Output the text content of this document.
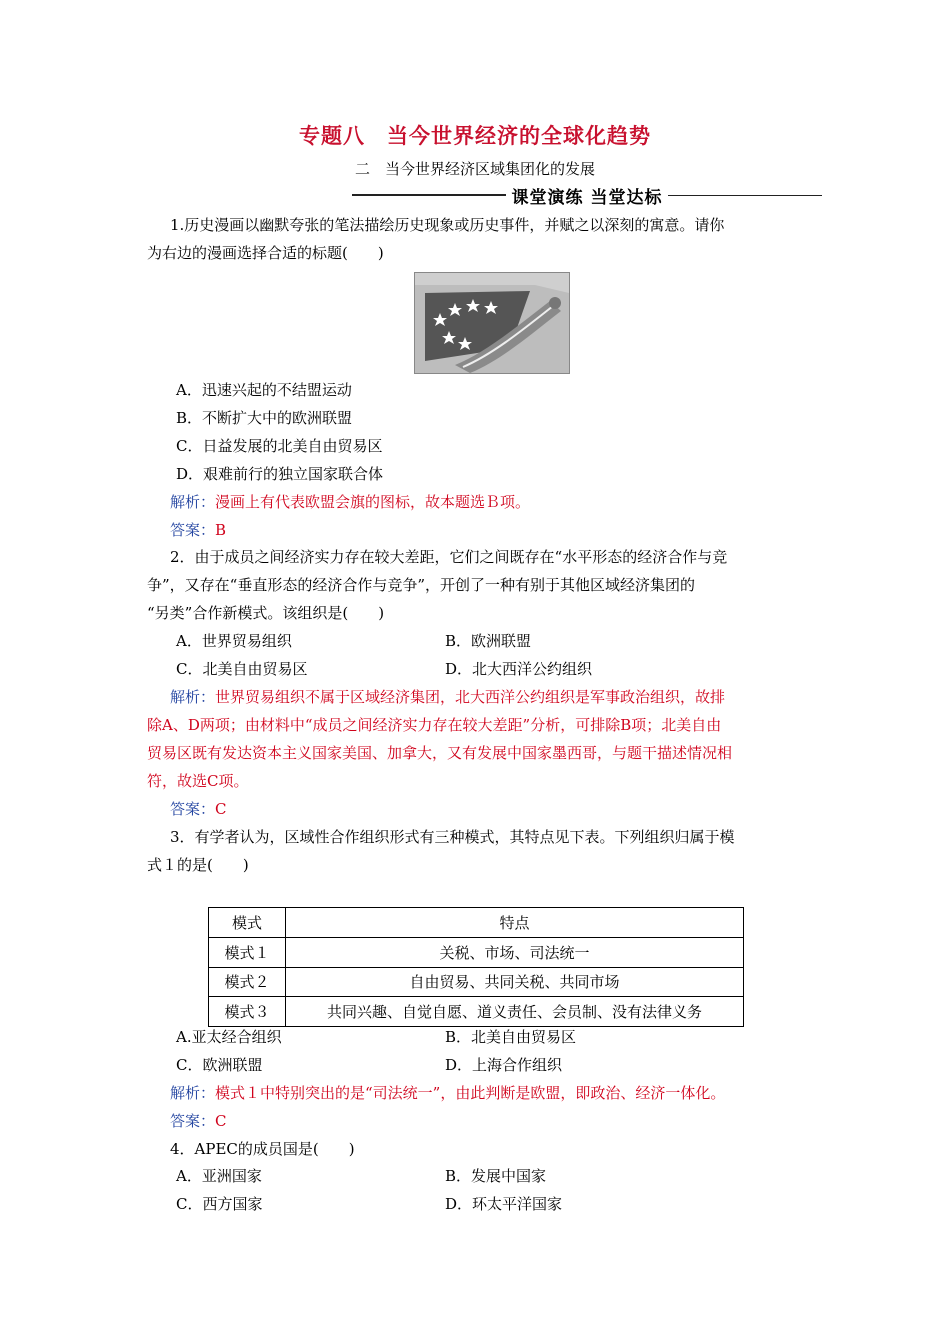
专题八　当今世界经济的全球化趋势
二　当今世界经济区域集团化的发展
课堂演练 当堂达标
1.历史漫画以幽默夸张的笔法描绘历史现象或历史事件，并赋之以深刻的寓意。请你
为右边的漫画选择合适的标题(　　)
A．迅速兴起的不结盟运动
B．不断扩大中的欧洲联盟
C．日益发展的北美自由贸易区
D．艰难前行的独立国家联合体
解析：漫画上有代表欧盟会旗的图标，故本题选Ｂ项。
答案：B
2．由于成员之间经济实力存在较大差距，它们之间既存在“水平形态的经济合作与竞
争”，又存在“垂直形态的经济合作与竞争”，开创了一种有别于其他区域经济集团的
“另类”合作新模式。该组织是(　　)
A．世界贸易组织	B．欧洲联盟
C．北美自由贸易区	D．北大西洋公约组织
解析：世界贸易组织不属于区域经济集团，北大西洋公约组织是军事政治组织，故排
除A、D两项；由材料中“成员之间经济实力存在较大差距”分析，可排除B项；北美自由
贸易区既有发达资本主义国家美国、加拿大，又有发展中国家墨西哥，与题干描述情况相
符，故选C项。
答案：C
3．有学者认为，区域性合作组织形式有三种模式，其特点见下表。下列组织归属于模
式１的是(　　)
模式	特点
模式１	关税、市场、司法统一
模式２	自由贸易、共同关税、共同市场
模式３	共同兴趣、自觉自愿、道义责任、会员制、没有法律义务
A.亚太经合组织	B．北美自由贸易区
C．欧洲联盟	D．上海合作组织
解析：模式１中特别突出的是“司法统一”，由此判断是欧盟，即政治、经济一体化。
答案：C
4．APEC的成员国是(　　)
A．亚洲国家	B．发展中国家
C．西方国家	D．环太平洋国家
